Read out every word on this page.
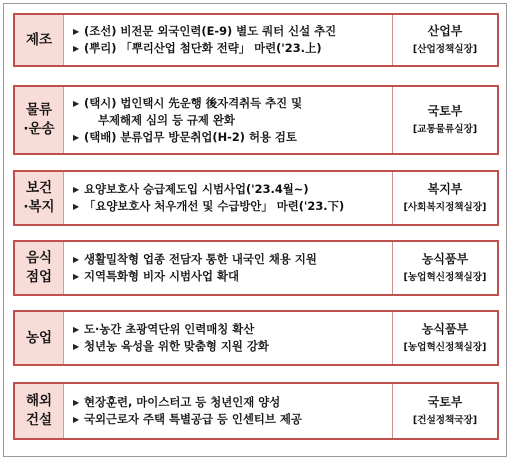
제조	▶ (조선) 비전문 외국인력(E-9) 별도 쿼터 신설 추진
▶ (뿌리) 「뿌리산업 첨단화 전략」 마련('23.上)
산업부
[산업정책실장]
물류
·운송
▶ (택시) 법인택시 先운행 後자격취득 추진 및
부제해제 심의 등 규제 완화
▶ (택배) 분류업무 방문취업(H-2) 허용 검토
국토부
[교통물류실장]
보건
·복지
▶ 요양보호사 승급제도입 시범사업('23.4월~)
▶ 「요양보호사 처우개선 및 수급방안」 마련('23.下)
복지부
[사회복지정책실장]
음식
점업
▶ 생활밀착형 업종 전담자 통한 내국인 채용 지원
▶ 지역특화형 비자 시범사업 확대
농식품부
[농업혁신정책실장]
농업	▶ 도·농간 초광역단위 인력매칭 확산
▶ 청년농 육성을 위한 맞춤형 지원 강화
농식품부
[농업혁신정책실장]
해외
건설
▶ 현장훈련, 마이스터고 등 청년인재 양성
▶ 국외근로자 주택 특별공급 등 인센티브 제공
국토부
[건설정책국장]
